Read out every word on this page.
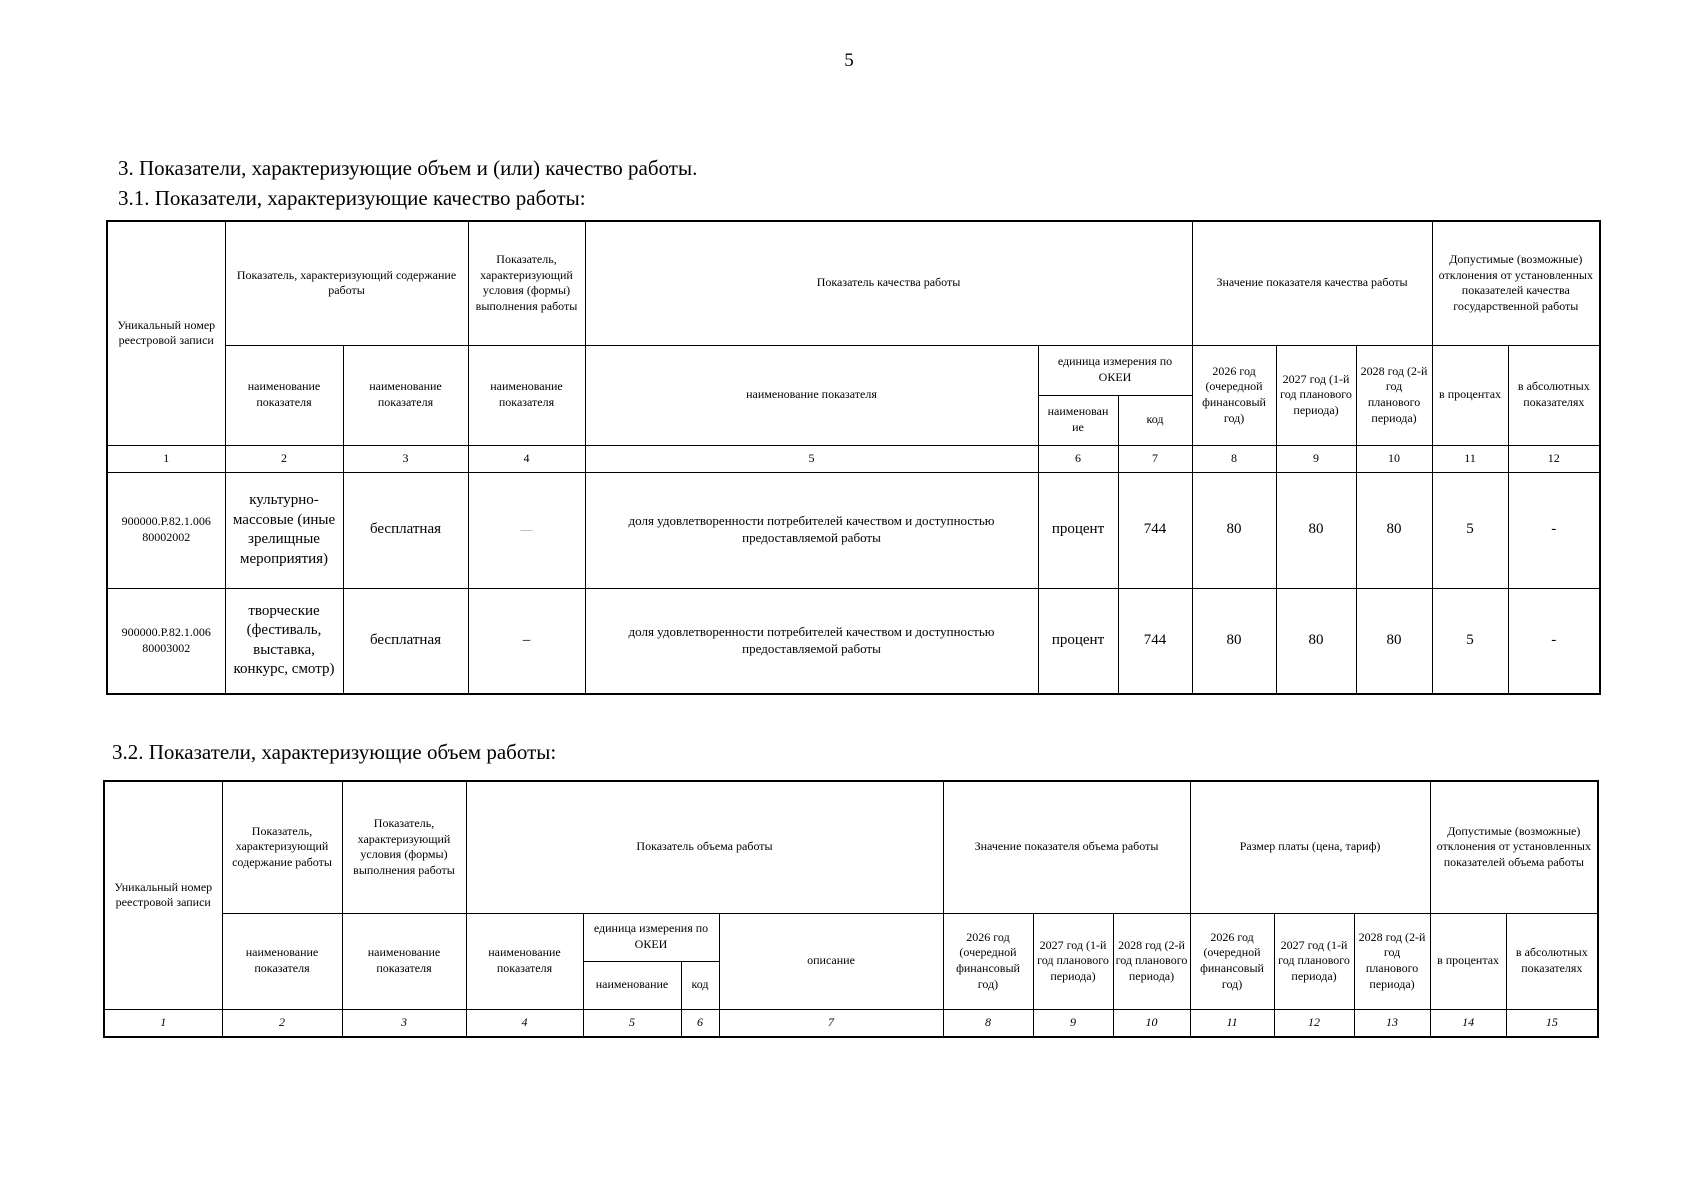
5
3. Показатели, характеризующие объем и (или) качество работы.
3.1. Показатели, характеризующие качество работы:
Уникальный номер реестровой записи	Показатель, характеризующий содержание работы		Показатель, характеризующий условия (формы) выполнения работы	Показатель качества работы			Значение показателя качества работы			Допустимые (возможные) отклонения от установленных показателей качества государственной работы	
	наименование показателя	наименование показателя	наименование показателя	наименование показателя	единица измерения по ОКЕИ		2026 год (очередной финансовый год)	2027 год (1-й год планового периода)	2028 год (2-й год планового периода)	в процентах	в абсолютных показателях
					наименован ие	код					
1	2	3	4	5	6	7	8	9	10	11	12
900000.Р.82.1.006 80002002	культурно-массовые (иные зрелищные мероприятия)	бесплатная	—	доля удовлетворенности потребителей качеством и доступностью предоставляемой работы	процент	744	80	80	80	5	-
900000.Р.82.1.006 80003002	творческие (фестиваль, выставка, конкурс, смотр)	бесплатная	–	доля удовлетворенности потребителей качеством и доступностью предоставляемой работы	процент	744	80	80	80	5	-
3.2. Показатели, характеризующие объем работы:
Уникальный номер реестровой записи	Показатель, характеризующий содержание работы	Показатель, характеризующий условия (формы) выполнения работы	Показатель объема работы				Значение показателя объема работы			Размер платы (цена, тариф)			Допустимые (возможные) отклонения от установленных показателей объема работы	
	наименование показателя	наименование показателя	наименование показателя	единица измерения по ОКЕИ		описание	2026 год (очередной финансовый год)	2027 год (1-й год планового периода)	2028 год (2-й год планового периода)	2026 год (очередной финансовый год)	2027 год (1-й год планового периода)	2028 год (2-й год планового периода)	в процентах	в абсолютных показателях
				наименование	код									
1	2	3	4	5	6	7	8	9	10	11	12	13	14	15
